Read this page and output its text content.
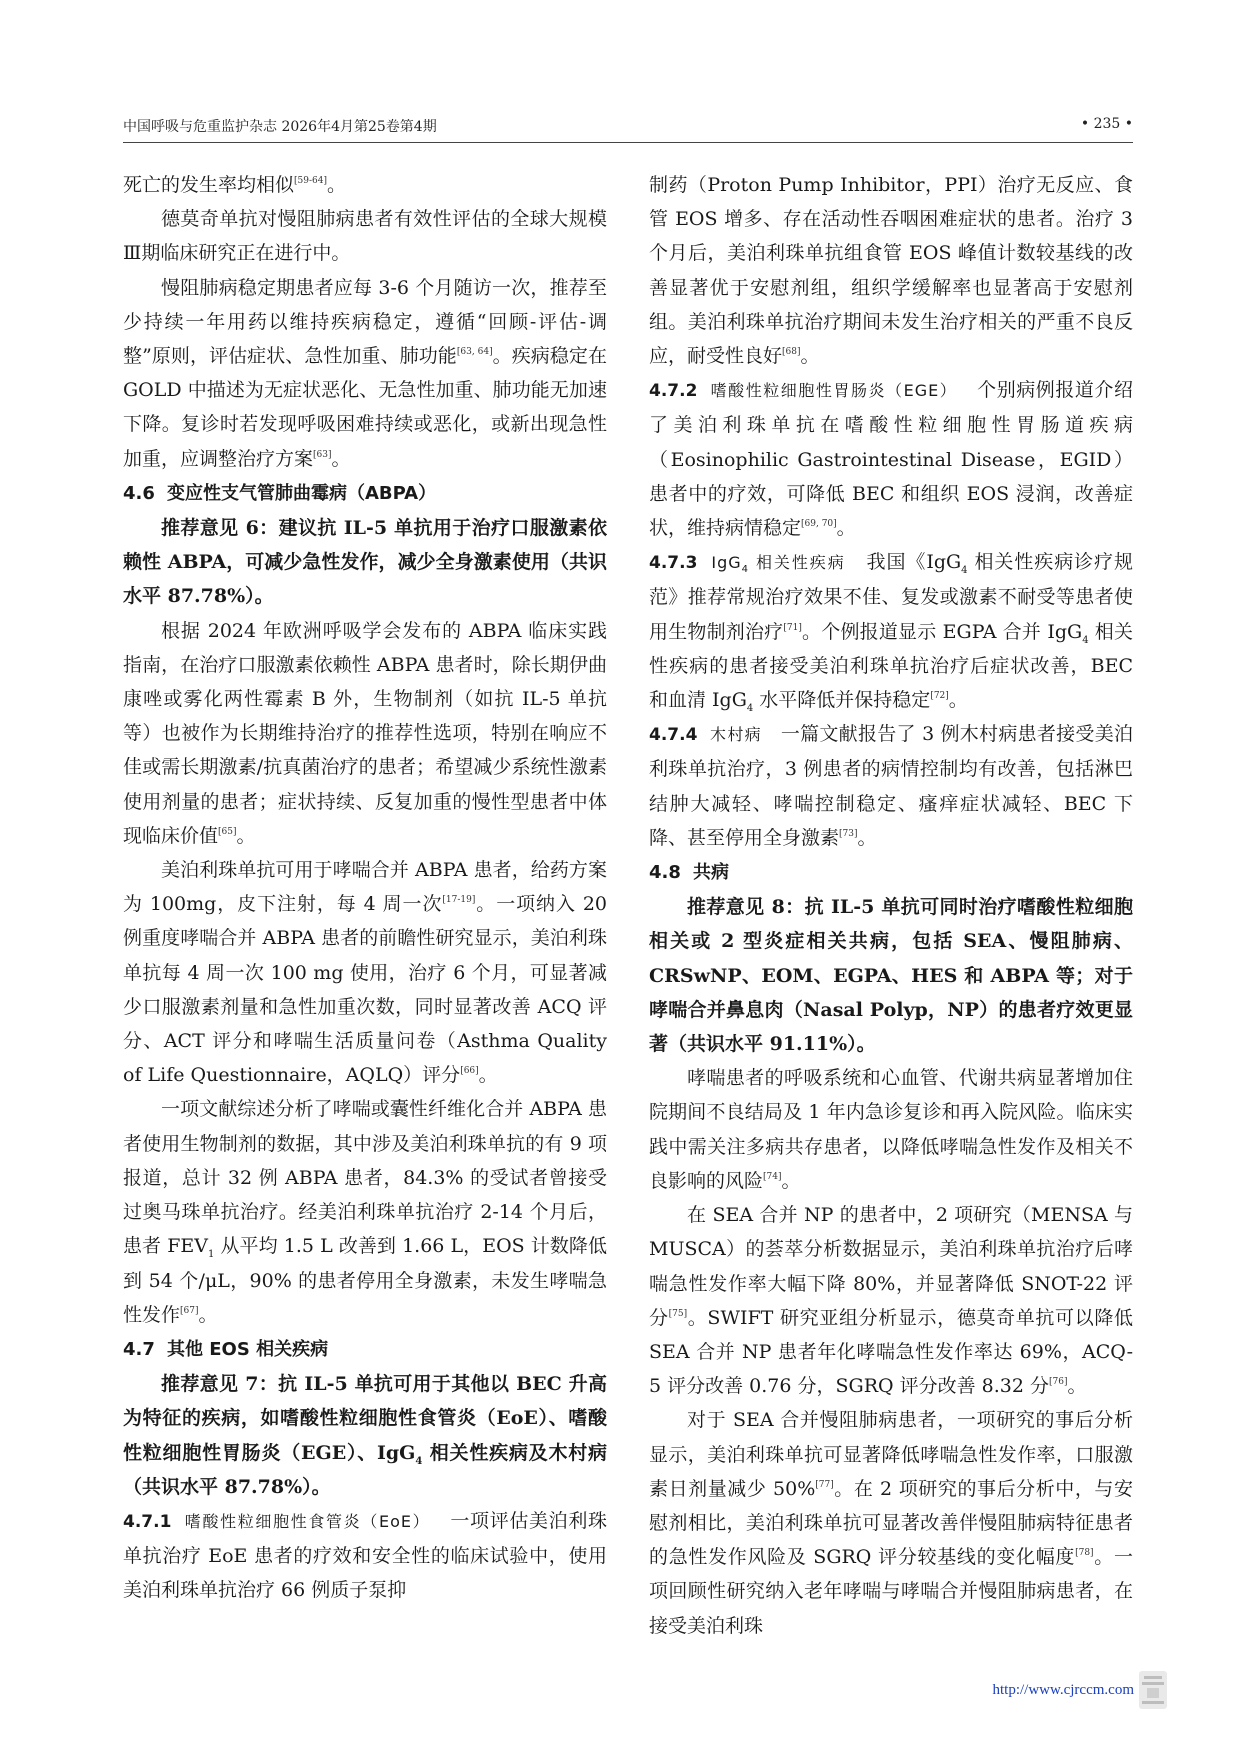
中国呼吸与危重监护杂志 2026年4月第25卷第4期	• 235 •

死亡的发生率均相似[59-64]。

德莫奇单抗对慢阻肺病患者有效性评估的全球大规模Ⅲ期临床研究正在进行中。

慢阻肺病稳定期患者应每 3-6 个月随访一次，推荐至少持续一年用药以维持疾病稳定，遵循“回顾-评估-调整”原则，评估症状、急性加重、肺功能[63, 64]。疾病稳定在 GOLD 中描述为无症状恶化、无急性加重、肺功能无加速下降。复诊时若发现呼吸困难持续或恶化，或新出现急性加重，应调整治疗方案[63]。

4.6 变应性支气管肺曲霉病（ABPA）

推荐意见 6：建议抗 IL-5 单抗用于治疗口服激素依赖性 ABPA，可减少急性发作，减少全身激素使用（共识水平 87.78%）。

根据 2024 年欧洲呼吸学会发布的 ABPA 临床实践指南，在治疗口服激素依赖性 ABPA 患者时，除长期伊曲康唑或雾化两性霉素 B 外，生物制剂（如抗 IL-5 单抗等）也被作为长期维持治疗的推荐性选项，特别在响应不佳或需长期激素/抗真菌治疗的患者；希望减少系统性激素使用剂量的患者；症状持续、反复加重的慢性型患者中体现临床价值[65]。

美泊利珠单抗可用于哮喘合并 ABPA 患者，给药方案为 100mg，皮下注射，每 4 周一次[17-19]。一项纳入 20 例重度哮喘合并 ABPA 患者的前瞻性研究显示，美泊利珠单抗每 4 周一次 100 mg 使用，治疗 6 个月，可显著减少口服激素剂量和急性加重次数，同时显著改善 ACQ 评分、ACT 评分和哮喘生活质量问卷（Asthma Quality of Life Questionnaire，AQLQ）评分[66]。

一项文献综述分析了哮喘或囊性纤维化合并 ABPA 患者使用生物制剂的数据，其中涉及美泊利珠单抗的有 9 项报道，总计 32 例 ABPA 患者，84.3% 的受试者曾接受过奥马珠单抗治疗。经美泊利珠单抗治疗 2-14 个月后，患者 $FEV_1$ 从平均 1.5 L 改善到 1.66 L，EOS 计数降低到 54 个/μL，90% 的患者停用全身激素，未发生哮喘急性发作[67]。

4.7 其他 EOS 相关疾病

推荐意见 7：抗 IL-5 单抗可用于其他以 BEC 升高为特征的疾病，如嗜酸性粒细胞性食管炎（EoE）、嗜酸性粒细胞性胃肠炎（EGE）、IgG$_4$ 相关性疾病及木村病（共识水平 87.78%）。

4.7.1 嗜酸性粒细胞性食管炎（EoE） 一项评估美泊利珠单抗治疗 EoE 患者的疗效和安全性的临床试验中，使用美泊利珠单抗治疗 66 例质子泵抑

制药（Proton Pump Inhibitor，PPI）治疗无反应、食管 EOS 增多、存在活动性吞咽困难症状的患者。治疗 3 个月后，美泊利珠单抗组食管 EOS 峰值计数较基线的改善显著优于安慰剂组，组织学缓解率也显著高于安慰剂组。美泊利珠单抗治疗期间未发生治疗相关的严重不良反应，耐受性良好[68]。

4.7.2 嗜酸性粒细胞性胃肠炎（EGE） 个别病例报道介绍了美泊利珠单抗在嗜酸性粒细胞性胃肠道疾病（Eosinophilic Gastrointestinal Disease，EGID）患者中的疗效，可降低 BEC 和组织 EOS 浸润，改善症状，维持病情稳定[69, 70]。

4.7.3 IgG$_4$ 相关性疾病 我国《IgG$_4$ 相关性疾病诊疗规范》推荐常规治疗效果不佳、复发或激素不耐受等患者使用生物制剂治疗[71]。个例报道显示 EGPA 合并 IgG$_4$ 相关性疾病的患者接受美泊利珠单抗治疗后症状改善，BEC 和血清 IgG$_4$ 水平降低并保持稳定[72]。

4.7.4 木村病 一篇文献报告了 3 例木村病患者接受美泊利珠单抗治疗，3 例患者的病情控制均有改善，包括淋巴结肿大减轻、哮喘控制稳定、瘙痒症状减轻、BEC 下降、甚至停用全身激素[73]。

4.8 共病

推荐意见 8：抗 IL-5 单抗可同时治疗嗜酸性粒细胞相关或 2 型炎症相关共病，包括 SEA、慢阻肺病、CRSwNP、EOM、EGPA、HES 和 ABPA 等；对于哮喘合并鼻息肉（Nasal Polyp，NP）的患者疗效更显著（共识水平 91.11%）。

哮喘患者的呼吸系统和心血管、代谢共病显著增加住院期间不良结局及 1 年内急诊复诊和再入院风险。临床实践中需关注多病共存患者，以降低哮喘急性发作及相关不良影响的风险[74]。

在 SEA 合并 NP 的患者中，2 项研究（MENSA 与 MUSCA）的荟萃分析数据显示，美泊利珠单抗治疗后哮喘急性发作率大幅下降 80%，并显著降低 SNOT-22 评分[75]。SWIFT 研究亚组分析显示，德莫奇单抗可以降低 SEA 合并 NP 患者年化哮喘急性发作率达 69%，ACQ-5 评分改善 0.76 分，SGRQ 评分改善 8.32 分[76]。

对于 SEA 合并慢阻肺病患者，一项研究的事后分析显示，美泊利珠单抗可显著降低哮喘急性发作率，口服激素日剂量减少 50%[77]。在 2 项研究的事后分析中，与安慰剂相比，美泊利珠单抗可显著改善伴慢阻肺病特征患者的急性发作风险及 SGRQ 评分较基线的变化幅度[78]。一项回顾性研究纳入老年哮喘与哮喘合并慢阻肺病患者，在接受美泊利珠

http://www.cjrccm.com
